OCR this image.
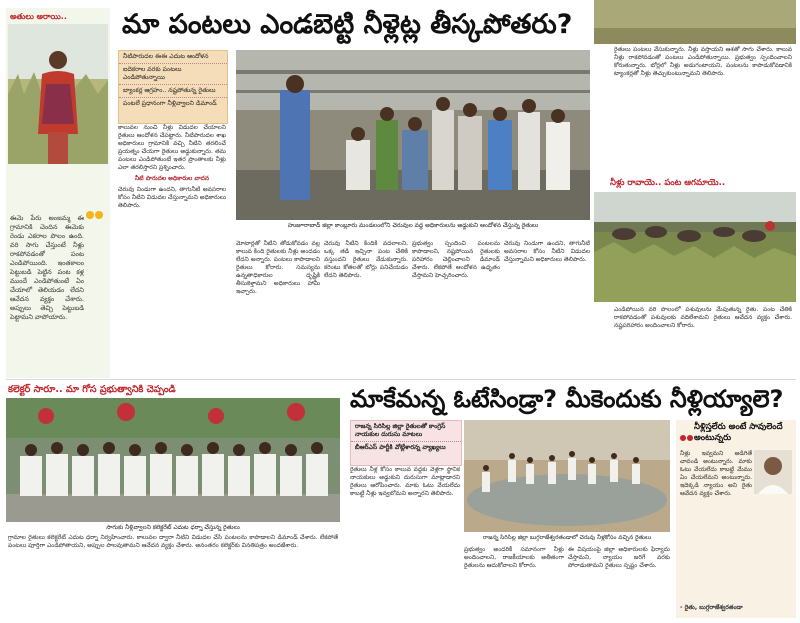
అతులు అరాయి..
ఈమె పేరు అంజమ్మ ఈ గ్రామానికి చెందిన ఈమెకు రెండు ఎకరాల పొలం ఉంది. వరి సాగు చేస్తుంటే నీళ్లు రాకపోవడంతో పంట ఎండిపోయింది. ఇంతకాలం పెట్టుబడి పెట్టిన పంట కళ్ల ముందే ఎండిపోతుంటే ఏం చేయాలో తెలియడం లేదని ఆవేదన వ్యక్తం చేశారు. అప్పులు తెచ్చి పెట్టుబడి పెట్టామని వాపోయారు.
మా పంటలు ఎండబెట్టి నీళ్లెట్ల తీస్కపోతరు?
నీటిపారుదల ఈఈ ఎదుట ఆందోళన
ఐదెకరాల వరకు పంటలు ఎండిపోతున్నాయి
బ్యాంకర్ల ఆగ్రహం.. నష్టపోతున్న రైతులు
పంటలే ప్రధానంగా నీళ్లివ్వాలని డిమాండ్
హుజూరాబాద్ జిల్లా కాంబ్లూరు మండలంలోని చెరువుల వద్ద అధికారులను అడ్డుకుని ఆందోళన చేస్తున్న రైతులు
కాలువల నుంచి నీళ్లు విడుదల చేయాలని రైతులు ఆందోళన చేపట్టారు. నీటిపారుదల శాఖ అధికారులు గ్రామానికి వచ్చి నీటిని తరలించే ప్రయత్నం చేయగా రైతులు అడ్డుకున్నారు. తమ పంటలు ఎండిపోతుంటే ఇతర ప్రాంతాలకు నీళ్లు ఎలా తరలిస్తారని ప్రశ్నించారు.
నీటి పారుదల అధికారుల వాదన
చెరువు నిండుగా ఉందని, తాగునీటి అవసరాల కోసం నీటిని విడుదల చేస్తున్నామని అధికారులు తెలిపారు.
మోటార్లతో నీటిని తోడుకోవడం వల్ల కాలువ కింది రైతులకు నీళ్లు అందడం లేదని అన్నారు. పంటలు కాపాడాలని రైతులు కోరారు. సమస్యను ఉన్నతాధికారుల దృష్టికి తీసుకెళ్తామని అధికారులు హామీ ఇచ్చారు.
చెరువు నీటిని కిందికి వదలాలని, ఒక్క తడి ఇచ్చినా పంట చేతికి వస్తుందని రైతులు వేడుకున్నారు. కరెంటు కోతలతో బోర్లు పనిచేయడం లేదని తెలిపారు.
ప్రభుత్వం స్పందించి పంటలను కాపాడాలని, నష్టపోయిన రైతులకు పరిహారం చెల్లించాలని డిమాండ్ చేశారు. లేకపోతే ఆందోళన ఉధృతం చేస్తామని హెచ్చరించారు.
చెరువు నిండుగా ఉందని, తాగునీటి అవసరాల కోసం నీటిని విడుదల చేస్తున్నామని అధికారులు తెలిపారు.
రైతులు పంటలు వేసుకున్నారు. నీళ్లు వస్తాయని ఆశతో సాగు చేశారు. కాలువ నీళ్లు రాకపోవడంతో పంటలు ఎండిపోతున్నాయి. ప్రభుత్వం స్పందించాలని కోరుతున్నారు. బోర్లలో నీళ్లు అడుగంటాయని, పంటలను కాపాడుకోవడానికి ట్యాంకర్లతో నీళ్లు తెచ్చుకుంటున్నామని తెలిపారు.
నీళ్లు రావాయె.. పంట ఆగమాయె..
ఎండిపోయిన వరి పొలంలో పశువులను మేపుతున్న రైతు. పంట చేతికి రాకపోవడంతో పశువులకు వదిలేశామని రైతులు ఆవేదన వ్యక్తం చేశారు. నష్టపరిహారం అందించాలని కోరారు.
కలెక్టర్ సారూ.. మా గోస ప్రభుత్వానికి చెప్పండి
సాగుకు నీళ్లివ్వాలని కలెక్టరేట్ ఎదుట ధర్నా చేస్తున్న రైతులు
గ్రామాల రైతులు కలెక్టరేట్ ఎదుట ధర్నా నిర్వహించారు. కాలువల ద్వారా నీటిని విడుదల చేసి పంటలను కాపాడాలని డిమాండ్ చేశారు. లేకపోతే పంటలు పూర్తిగా ఎండిపోతాయని, అప్పుల పాలవుతామని ఆవేదన వ్యక్తం చేశారు. అనంతరం కలెక్టర్‌కు వినతిపత్రం అందజేశారు.
మాకేమన్న ఓటేసిండ్రా? మీకెందుకు నీళ్లియ్యాలె?
రాజన్న సిరిసిల్ల జిల్లా రైతులతో కాంగ్రెస్ నాయకుల దురుసు మాటలు
బీఆర్ఎస్ పార్టీకి వోట్లేశారన్న వ్యాఖ్యలు
రాజన్న సిరిసిల్ల జిల్లా బుగ్గరాజేశ్వరతండాలో చెరువు నీళ్లకోసం వచ్చిన రైతులు
రైతులు నీళ్ల కోసం కాలువ వద్దకు వెళ్లగా స్థానిక నాయకులు అడ్డుకుని దురుసుగా మాట్లాడారని రైతులు ఆరోపించారు. మాకు ఓటు వేయలేదు కాబట్టి నీళ్లు ఇవ్వబోమని అన్నారని తెలిపారు.
ప్రభుత్వం అందరికీ సమానంగా నీళ్లు అందించాలని, రాజకీయాలకు అతీతంగా రైతులను ఆదుకోవాలని కోరారు.
ఈ విషయంపై జిల్లా అధికారులకు ఫిర్యాదు చేస్తామని, న్యాయం జరిగే వరకు పోరాడుతామని రైతులు స్పష్టం చేశారు.
నీళ్లిస్తలేరు అంటే సావులెందే అంటున్నరు
నీళ్లు ఇవ్వమని అడిగితే చావండి అంటున్నారు. మాకు ఓటు వేయలేదు కాబట్టి మేము ఏం చేయలేమని అంటున్నారు. ఇదెక్కడి న్యాయం అని రైతు ఆవేదన వ్యక్తం చేశారు.
- రైతు, బుగ్గరాజేశ్వరతండా
